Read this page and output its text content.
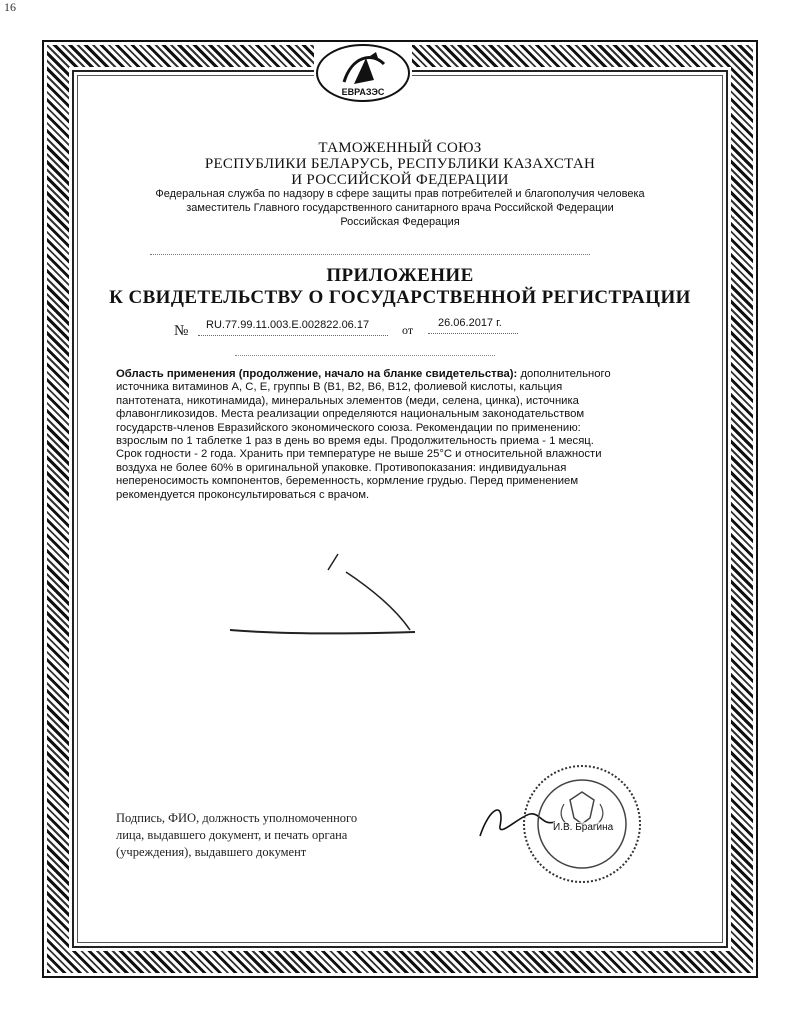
16
ЕВРАЗЭС
ТАМОЖЕННЫЙ СОЮЗ
РЕСПУБЛИКИ БЕЛАРУСЬ, РЕСПУБЛИКИ КАЗАХСТАН
И РОССИЙСКОЙ ФЕДЕРАЦИИ
Федеральная служба по надзору в сфере защиты прав потребителей и благополучия человека
заместитель Главного государственного санитарного врача Российской Федерации
Российская Федерация
ПРИЛОЖЕНИЕ
К СВИДЕТЕЛЬСТВУ О ГОСУДАРСТВЕННОЙ РЕГИСТРАЦИИ
№ RU.77.99.11.003.E.002822.06.17	от 26.06.2017 г.
Область применения (продолжение, начало на бланке свидетельства): дополнительного источника витаминов А, С, Е, группы В (В1, В2, В6, В12, фолиевой кислоты, кальция пантотената, никотинамида), минеральных элементов (меди, селена, цинка), источника флавонгликозидов. Места реализации определяются национальным законодательством государств-членов Евразийского экономического союза. Рекомендации по применению: взрослым по 1 таблетке 1 раз в день во время еды. Продолжительность приема - 1 месяц. Срок годности - 2 года. Хранить при температуре не выше 25°С и относительной влажности воздуха не более 60% в оригинальной упаковке. Противопоказания: индивидуальная непереносимость компонентов, беременность, кормление грудью. Перед применением рекомендуется проконсультироваться с врачом.
Подпись, ФИО, должность уполномоченного
лица, выдавшего документ, и печать органа
(учреждения), выдавшего документ
И.В. Брагина
